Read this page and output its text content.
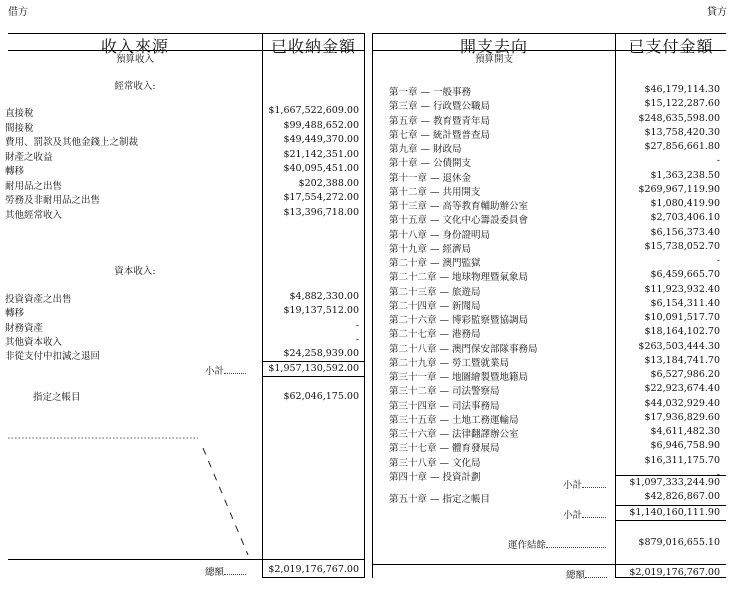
借方	貸方
收入來源	已收納金額	開支去向	已支付金額
預算收入
經常收入:
直接稅	$1,667,522,609.00
間接稅	$99,488,652.00
費用、罰款及其他金錢上之制裁	$49,449,370.00
財產之收益	$21,142,351.00
轉移	$40,095,451.00
耐用品之出售	$202,388.00
勞務及非耐用品之出售	$17,554,272.00
其他經常收入	$13,396,718.00
資本收入:
投資資產之出售	$4,882,330.00
轉移	$19,137,512.00
財務資產	-
其他資本收入	-
非從支付中扣減之退回	$24,258,939.00
小計	$1,957,130,592.00
指定之帳目	$62,046,175.00
總額	$2,019,176,767.00
預算開支
第一章 — 一般事務	$46,179,114.30
第三章 — 行政暨公職局	$15,122,287.60
第五章 — 教育暨青年局	$248,635,598.00
第七章 — 統計暨普查局	$13,758,420.30
第九章 — 財政局	$27,856,661.80
第十章 — 公債開支	-
第十一章 — 退休金	$1,363,238.50
第十二章 — 共用開支	$269,967,119.90
第十三章 — 高等教育輔助辦公室	$1,080,419.90
第十五章 — 文化中心籌設委員會	$2,703,406.10
第十八章 — 身份證明局	$6,156,373.40
第十九章 — 經濟局	$15,738,052.70
第二十章 — 澳門監獄	-
第二十二章 — 地球物理暨氣象局	$6,459,665.70
第二十三章 — 旅遊局	$11,923,932.40
第二十四章 — 新聞局	$6,154,311.40
第二十六章 — 博彩監察暨協調局	$10,091,517.70
第二十七章 — 港務局	$18,164,102.70
第二十八章 — 澳門保安部隊事務局	$263,503,444.30
第二十九章 — 勞工暨就業局	$13,184,741.70
第三十一章 — 地圖繪製暨地籍局	$6,527,986.20
第三十二章 — 司法警察局	$22,923,674.40
第三十四章 — 司法事務局	$44,032,929.40
第三十五章 — 土地工務運輸局	$17,936,829.60
第三十六章 — 法律翻譯辦公室	$4,611,482.30
第三十七章 — 體育發展局	$6,946,758.90
第三十八章 — 文化局	$16,311,175.70
第四十章 — 投資計劃
小計	$1,097,333,244.90
第五十章 — 指定之帳目	$42,826,867.00
小計	$1,140,160,111.90
運作結餘	$879,016,655.10
總額	$2,019,176,767.00
